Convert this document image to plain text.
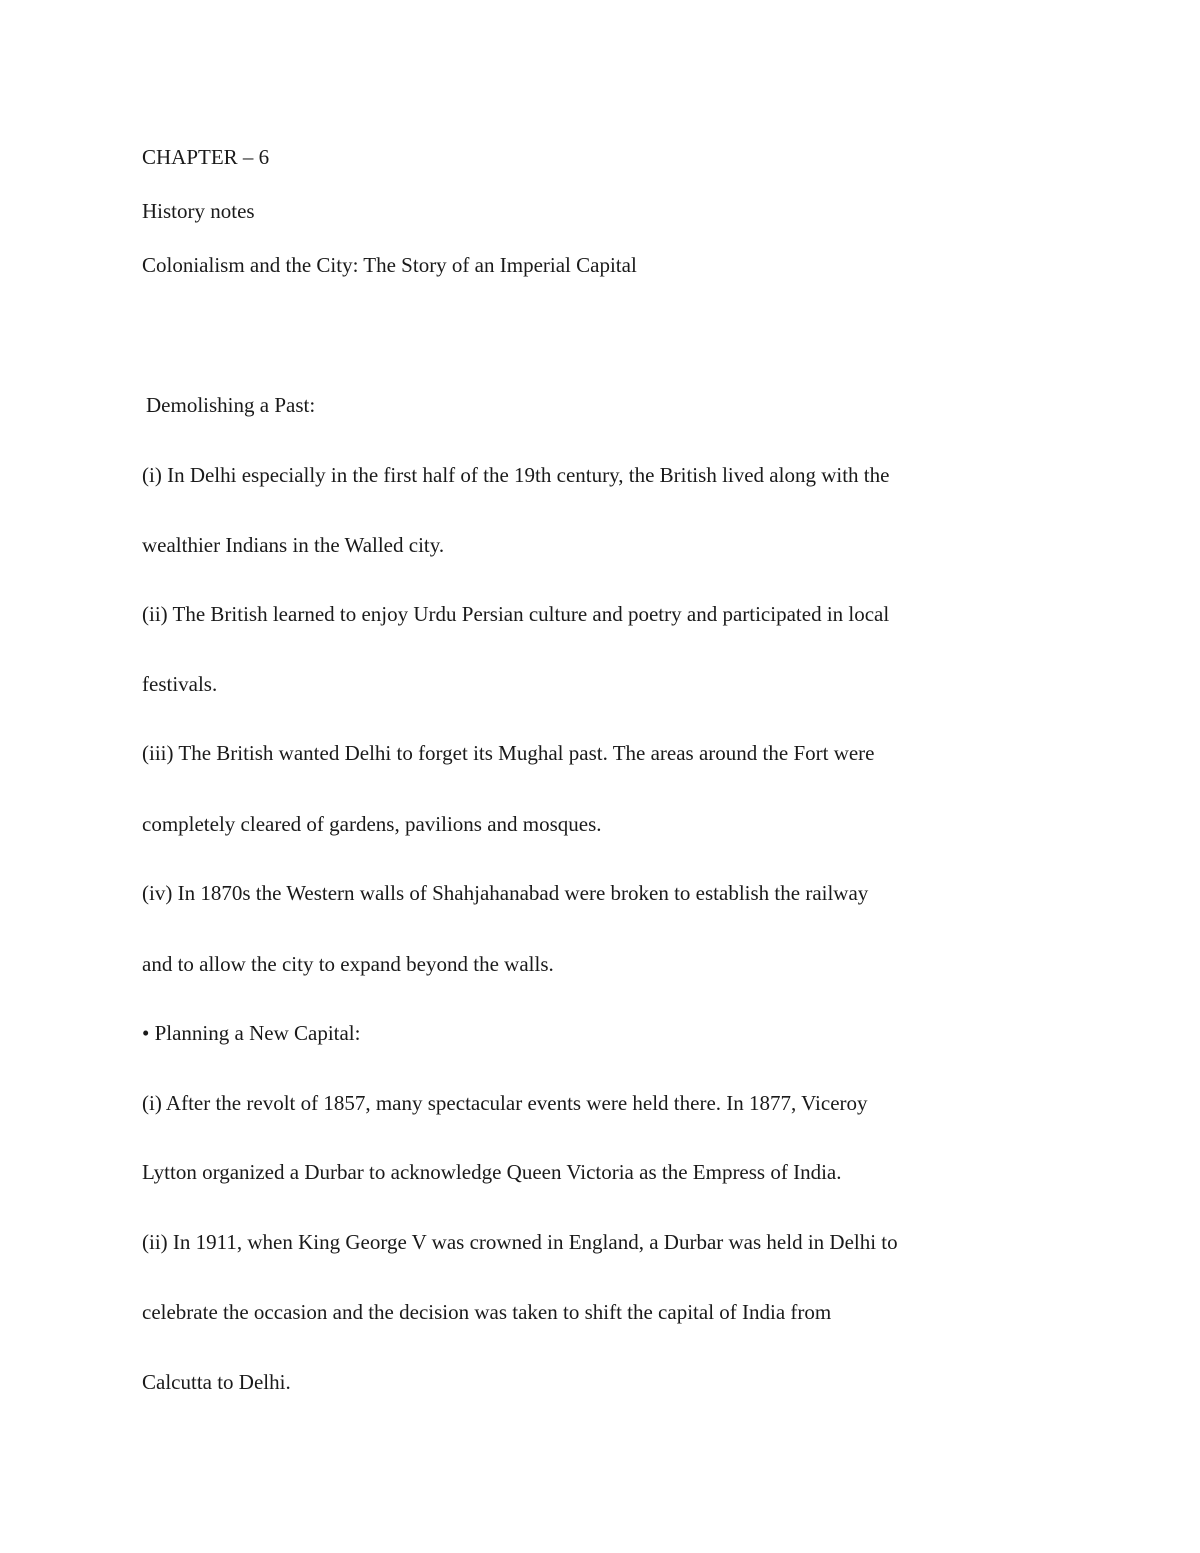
CHAPTER – 6
History notes
Colonialism and the City: The Story of an Imperial Capital
Demolishing a Past:
(i) In Delhi especially in the first half of the 19th century, the British lived along with the
wealthier Indians in the Walled city.
(ii) The British learned to enjoy Urdu Persian culture and poetry and participated in local
festivals.
(iii) The British wanted Delhi to forget its Mughal past. The areas around the Fort were
completely cleared of gardens, pavilions and mosques.
(iv) In 1870s the Western walls of Shahjahanabad were broken to establish the railway
and to allow the city to expand beyond the walls.
• Planning a New Capital:
(i) After the revolt of 1857, many spectacular events were held there. In 1877, Viceroy
Lytton organized a Durbar to acknowledge Queen Victoria as the Empress of India.
(ii) In 1911, when King George V was crowned in England, a Durbar was held in Delhi to
celebrate the occasion and the decision was taken to shift the capital of India from
Calcutta to Delhi.
